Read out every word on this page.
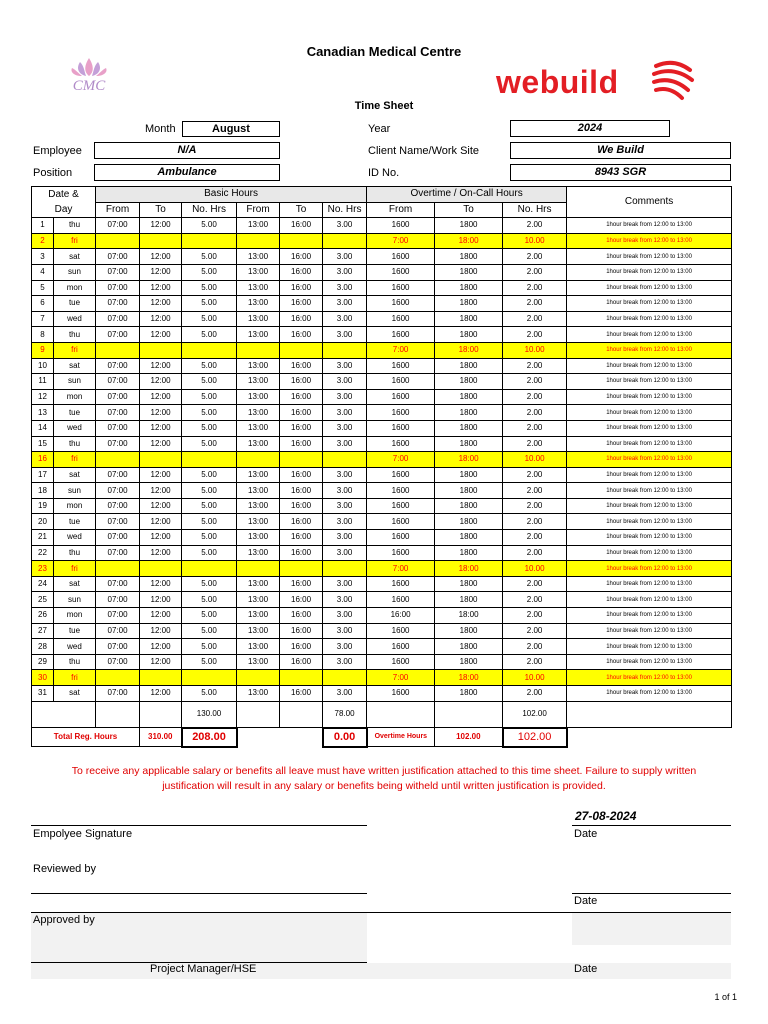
Canadian Medical Centre
CMC	webuild
Time Sheet
Month	August	Year	2024
Employee	N/A	Client Name/Work Site	We Build
Position	Ambulance	ID No.	8943 SGR
Date &		Basic Hours						Overtime / On-Call Hours			Comments
Day		From	To	No. Hrs	From	To	No. Hrs	From	To	No. Hrs	
1	thu	07:00	12:00	5.00	13:00	16:00	3.00	1600	1800	2.00	1hour break from 12:00 to 13:00
2	fri							7:00	18:00	10.00	1hour break from 12:00 to 13:00
3	sat	07:00	12:00	5.00	13:00	16:00	3.00	1600	1800	2.00	1hour break from 12:00 to 13:00
4	sun	07:00	12:00	5.00	13:00	16:00	3.00	1600	1800	2.00	1hour break from 12:00 to 13:00
5	mon	07:00	12:00	5.00	13:00	16:00	3.00	1600	1800	2.00	1hour break from 12:00 to 13:00
6	tue	07:00	12:00	5.00	13:00	16:00	3.00	1600	1800	2.00	1hour break from 12:00 to 13:00
7	wed	07:00	12:00	5.00	13:00	16:00	3.00	1600	1800	2.00	1hour break from 12:00 to 13:00
8	thu	07:00	12:00	5.00	13:00	16:00	3.00	1600	1800	2.00	1hour break from 12:00 to 13:00
9	fri							7:00	18:00	10.00	1hour break from 12:00 to 13:00
10	sat	07:00	12:00	5.00	13:00	16:00	3.00	1600	1800	2.00	1hour break from 12:00 to 13:00
11	sun	07:00	12:00	5.00	13:00	16:00	3.00	1600	1800	2.00	1hour break from 12:00 to 13:00
12	mon	07:00	12:00	5.00	13:00	16:00	3.00	1600	1800	2.00	1hour break from 12:00 to 13:00
13	tue	07:00	12:00	5.00	13:00	16:00	3.00	1600	1800	2.00	1hour break from 12:00 to 13:00
14	wed	07:00	12:00	5.00	13:00	16:00	3.00	1600	1800	2.00	1hour break from 12:00 to 13:00
15	thu	07:00	12:00	5.00	13:00	16:00	3.00	1600	1800	2.00	1hour break from 12:00 to 13:00
16	fri							7:00	18:00	10.00	1hour break from 12:00 to 13:00
17	sat	07:00	12:00	5.00	13:00	16:00	3.00	1600	1800	2.00	1hour break from 12:00 to 13:00
18	sun	07:00	12:00	5.00	13:00	16:00	3.00	1600	1800	2.00	1hour break from 12:00 to 13:00
19	mon	07:00	12:00	5.00	13:00	16:00	3.00	1600	1800	2.00	1hour break from 12:00 to 13:00
20	tue	07:00	12:00	5.00	13:00	16:00	3.00	1600	1800	2.00	1hour break from 12:00 to 13:00
21	wed	07:00	12:00	5.00	13:00	16:00	3.00	1600	1800	2.00	1hour break from 12:00 to 13:00
22	thu	07:00	12:00	5.00	13:00	16:00	3.00	1600	1800	2.00	1hour break from 12:00 to 13:00
23	fri							7:00	18:00	10.00	1hour break from 12:00 to 13:00
24	sat	07:00	12:00	5.00	13:00	16:00	3.00	1600	1800	2.00	1hour break from 12:00 to 13:00
25	sun	07:00	12:00	5.00	13:00	16:00	3.00	1600	1800	2.00	1hour break from 12:00 to 13:00
26	mon	07:00	12:00	5.00	13:00	16:00	3.00	16:00	18:00	2.00	1hour break from 12:00 to 13:00
27	tue	07:00	12:00	5.00	13:00	16:00	3.00	1600	1800	2.00	1hour break from 12:00 to 13:00
28	wed	07:00	12:00	5.00	13:00	16:00	3.00	1600	1800	2.00	1hour break from 12:00 to 13:00
29	thu	07:00	12:00	5.00	13:00	16:00	3.00	1600	1800	2.00	1hour break from 12:00 to 13:00
30	fri							7:00	18:00	10.00	1hour break from 12:00 to 13:00
31	sat	07:00	12:00	5.00	13:00	16:00	3.00	1600	1800	2.00	1hour break from 12:00 to 13:00
				130.00			78.00			102.00	
Total Reg. Hours			310.00	208.00			0.00	Overtime Hours	102.00	102.00	
To receive any applicable salary or benefits all leave must have written justification attached to this time sheet. Failure to supply written justification will result in any salary or benefits being witheld until written justification is provided.
27-08-2024
Empolyee Signature	Date
Reviewed by
Date
Approved by
Project Manager/HSE	Date
1 of 1
